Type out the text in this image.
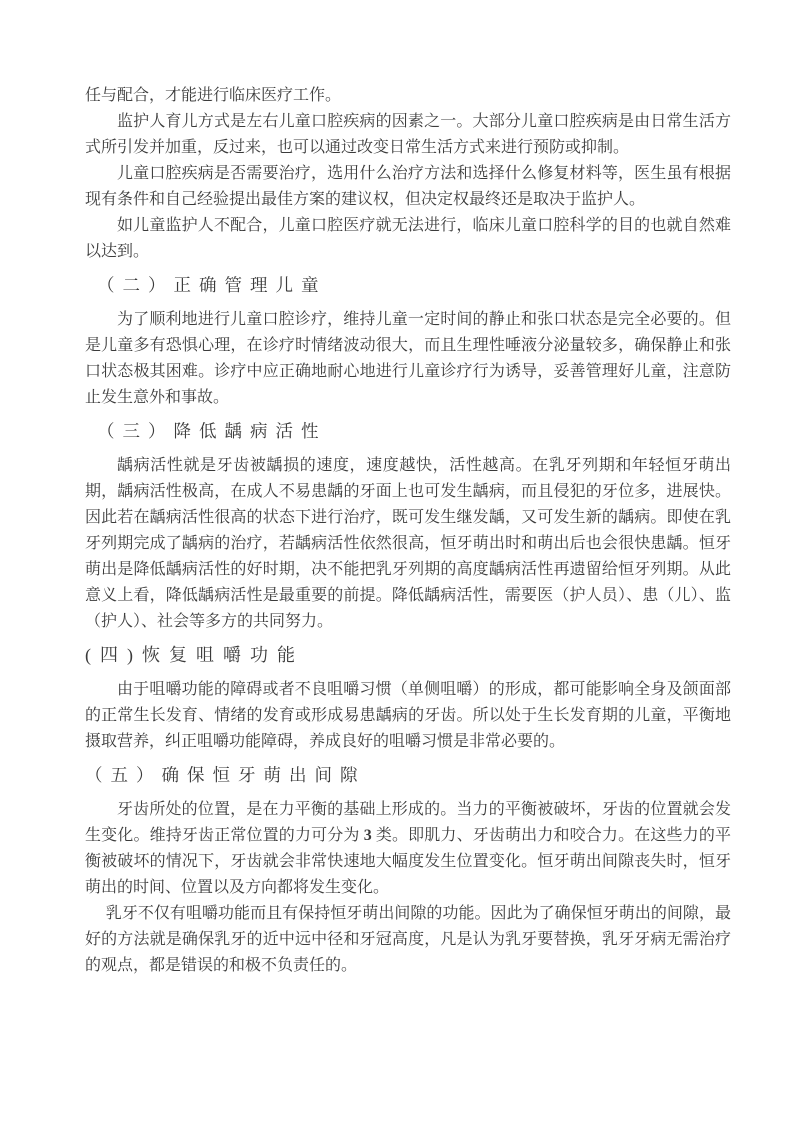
任与配合，才能进行临床医疗工作。

监护人育儿方式是左右儿童口腔疾病的因素之一。大部分儿童口腔疾病是由日常生活方式所引发并加重，反过来，也可以通过改变日常生活方式来进行预防或抑制。

儿童口腔疾病是否需要治疗，选用什么治疗方法和选择什么修复材料等，医生虽有根据现有条件和自己经验提出最佳方案的建议权，但决定权最终还是取决于监护人。

如儿童监护人不配合，儿童口腔医疗就无法进行，临床儿童口腔科学的目的也就自然难以达到。

（二）正确管理儿童

为了顺利地进行儿童口腔诊疗，维持儿童一定时间的静止和张口状态是完全必要的。但是儿童多有恐惧心理，在诊疗时情绪波动很大，而且生理性唾液分泌量较多，确保静止和张口状态极其困难。诊疗中应正确地耐心地进行儿童诊疗行为诱导，妥善管理好儿童，注意防止发生意外和事故。

（三）降低龋病活性

龋病活性就是牙齿被龋损的速度，速度越快，活性越高。在乳牙列期和年轻恒牙萌出期，龋病活性极高，在成人不易患龋的牙面上也可发生龋病，而且侵犯的牙位多，进展快。因此若在龋病活性很高的状态下进行治疗，既可发生继发龋，又可发生新的龋病。即使在乳牙列期完成了龋病的治疗，若龋病活性依然很高，恒牙萌出时和萌出后也会很快患龋。恒牙萌出是降低龋病活性的好时期，决不能把乳牙列期的高度龋病活性再遗留给恒牙列期。从此意义上看，降低龋病活性是最重要的前提。降低龋病活性，需要医（护人员）、患（儿）、监（护人）、社会等多方的共同努力。

(四)恢复咀嚼功能

由于咀嚼功能的障碍或者不良咀嚼习惯（单侧咀嚼）的形成，都可能影响全身及颌面部的正常生长发育、情绪的发育或形成易患龋病的牙齿。所以处于生长发育期的儿童，平衡地摄取营养，纠正咀嚼功能障碍，养成良好的咀嚼习惯是非常必要的。

（五）确保恒牙萌出间隙

牙齿所处的位置，是在力平衡的基础上形成的。当力的平衡被破坏，牙齿的位置就会发生变化。维持牙齿正常位置的力可分为 3 类。即肌力、牙齿萌出力和咬合力。在这些力的平衡被破坏的情况下，牙齿就会非常快速地大幅度发生位置变化。恒牙萌出间隙丧失时，恒牙萌出的时间、位置以及方向都将发生变化。

乳牙不仅有咀嚼功能而且有保持恒牙萌出间隙的功能。因此为了确保恒牙萌出的间隙，最好的方法就是确保乳牙的近中远中径和牙冠高度，凡是认为乳牙要替换，乳牙牙病无需治疗的观点，都是错误的和极不负责任的。
